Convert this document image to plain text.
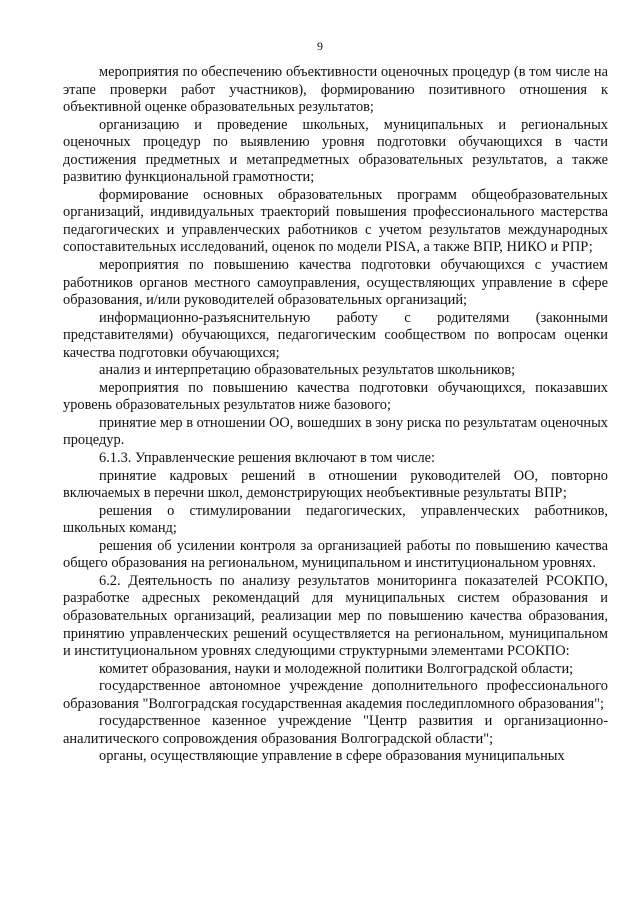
9

мероприятия по обеспечению объективности оценочных процедур (в том числе на этапе проверки работ участников), формированию позитивного отношения к объективной оценке образовательных результатов;

организацию и проведение школьных, муниципальных и региональных оценочных процедур по выявлению уровня подготовки обучающихся в части достижения предметных и метапредметных образовательных результатов, а также развитию функциональной грамотности;

формирование основных образовательных программ общеобразовательных организаций, индивидуальных траекторий повышения профессионального мастерства педагогических и управленческих работников с учетом результатов международных сопоставительных исследований, оценок по модели PISA, а также ВПР, НИКО и РПР;

мероприятия по повышению качества подготовки обучающихся с участием работников органов местного самоуправления, осуществляющих управление в сфере образования, и/или руководителей образовательных организаций;

информационно-разъяснительную работу с родителями (законными представителями) обучающихся, педагогическим сообществом по вопросам оценки качества подготовки обучающихся;

анализ и интерпретацию образовательных результатов школьников;

мероприятия по повышению качества подготовки обучающихся, показавших уровень образовательных результатов ниже базового;

принятие мер в отношении ОО, вошедших в зону риска по результатам оценочных процедур.

6.1.3. Управленческие решения включают в том числе:

принятие кадровых решений в отношении руководителей ОО, повторно включаемых в перечни школ, демонстрирующих необъективные результаты ВПР;

решения о стимулировании педагогических, управленческих работников, школьных команд;

решения об усилении контроля за организацией работы по повышению качества общего образования на региональном, муниципальном и институциональном уровнях.

6.2. Деятельность по анализу результатов мониторинга показателей РСОКПО, разработке адресных рекомендаций для муниципальных систем образования и образовательных организаций, реализации мер по повышению качества образования, принятию управленческих решений осуществляется на региональном, муниципальном и институциональном уровнях следующими структурными элементами РСОКПО:

комитет образования, науки и молодежной политики Волгоградской области;

государственное автономное учреждение дополнительного профессионального образования "Волгоградская государственная академия последипломного образования";

государственное казенное учреждение "Центр развития и организационно-аналитического сопровождения образования Волгоградской области";

органы, осуществляющие управление в сфере образования муниципальных
